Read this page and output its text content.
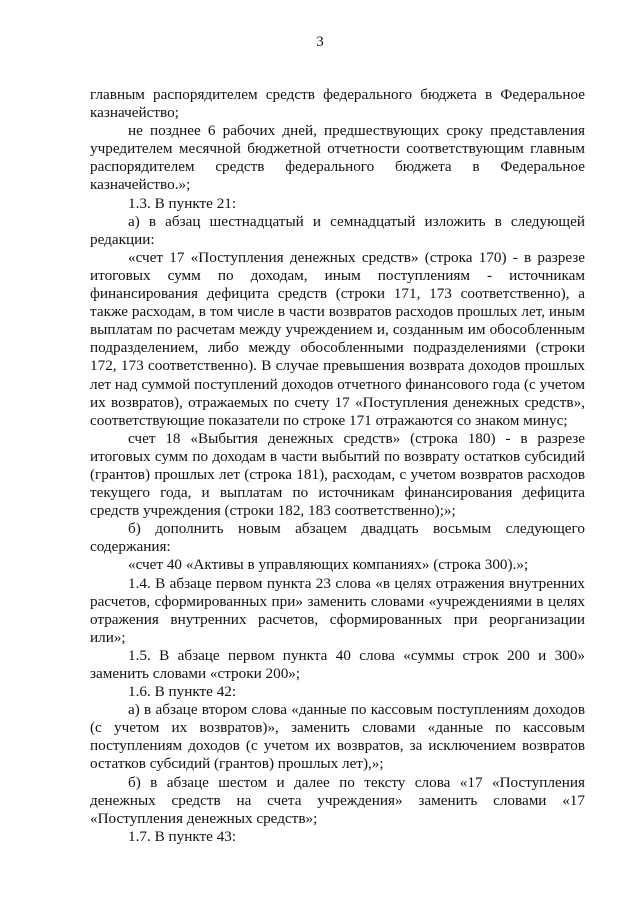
3

главным распорядителем средств федерального бюджета в Федеральное казначейство;

не позднее 6 рабочих дней, предшествующих сроку представления учредителем месячной бюджетной отчетности соответствующим главным распорядителем средств федерального бюджета в Федеральное казначейство.»;

1.3. В пункте 21:

а) в абзац шестнадцатый и семнадцатый изложить в следующей редакции:

«счет 17 «Поступления денежных средств» (строка 170) - в разрезе итоговых сумм по доходам, иным поступлениям - источникам финансирования дефицита средств (строки 171, 173 соответственно), а также расходам, в том числе в части возвратов расходов прошлых лет, иным выплатам по расчетам между учреждением и, созданным им обособленным подразделением, либо между обособленными подразделениями (строки 172, 173 соответственно). В случае превышения возврата доходов прошлых лет над суммой поступлений доходов отчетного финансового года (с учетом их возвратов), отражаемых по счету 17 «Поступления денежных средств», соответствующие показатели по строке 171 отражаются со знаком минус;

счет 18 «Выбытия денежных средств» (строка 180) - в разрезе итоговых сумм по доходам в части выбытий по возврату остатков субсидий (грантов) прошлых лет (строка 181), расходам, с учетом возвратов расходов текущего года, и выплатам по источникам финансирования дефицита средств учреждения (строки 182, 183 соответственно);»;

б) дополнить новым абзацем двадцать восьмым следующего содержания:

«счет 40 «Активы в управляющих компаниях» (строка 300).»;

1.4. В абзаце первом пункта 23 слова «в целях отражения внутренних расчетов, сформированных при» заменить словами «учреждениями в целях отражения внутренних расчетов, сформированных при реорганизации или»;

1.5. В абзаце первом пункта 40 слова «суммы строк 200 и 300» заменить словами «строки 200»;

1.6. В пункте 42:

а) в абзаце втором слова «данные по кассовым поступлениям доходов (с учетом их возвратов)», заменить словами «данные по кассовым поступлениям доходов (с учетом их возвратов, за исключением возвратов остатков субсидий (грантов) прошлых лет),»;

б) в абзаце шестом и далее по тексту слова «17 «Поступления денежных средств на счета учреждения» заменить словами «17 «Поступления денежных средств»;

1.7. В пункте 43:
